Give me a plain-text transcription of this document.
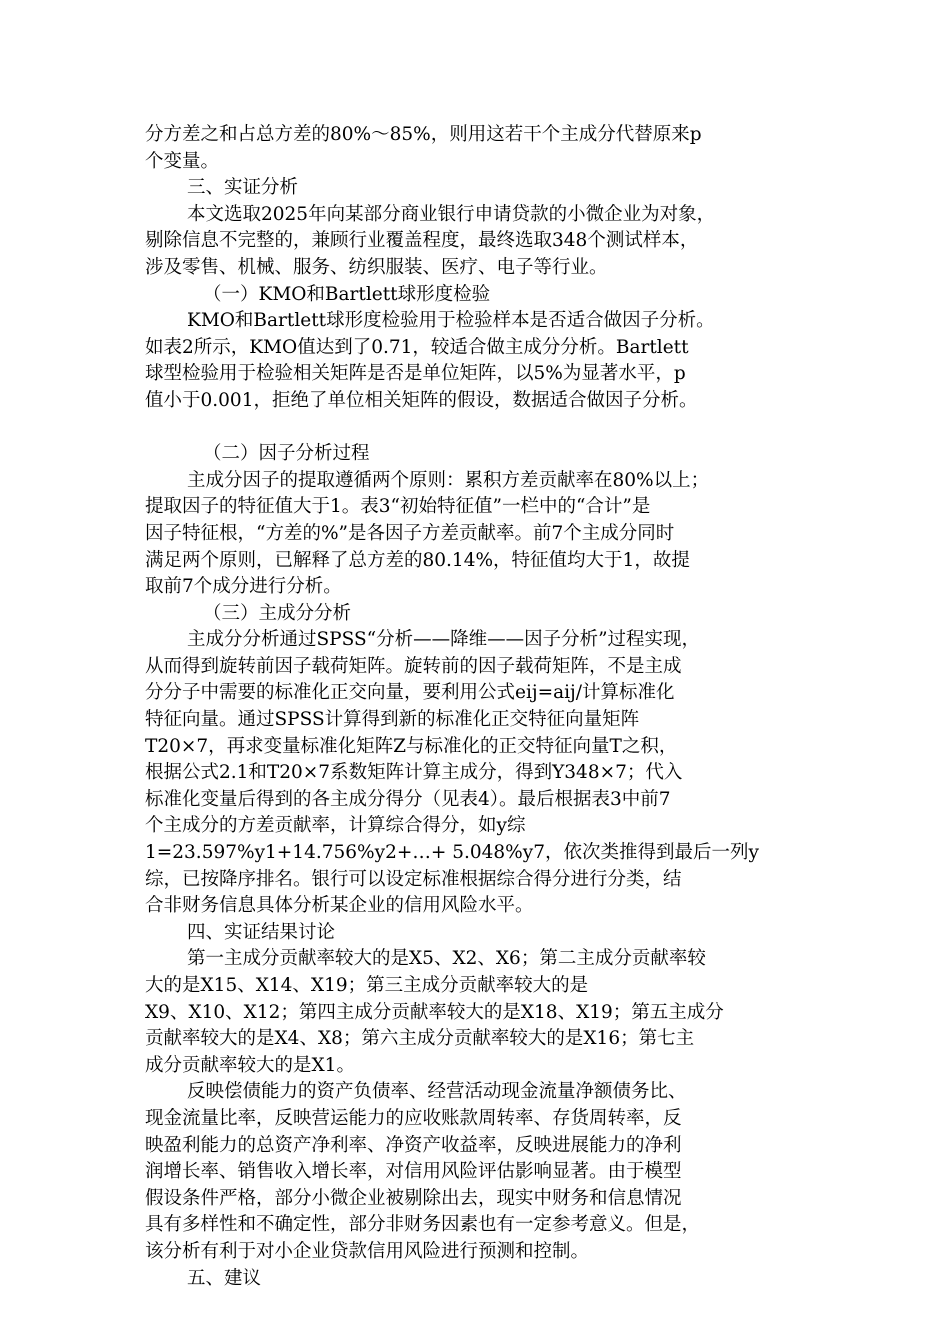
分方差之和占总方差的80%～85%，则用这若干个主成分代替原来p
个变量。
三、实证分析
本文选取2025年向某部分商业银行申请贷款的小微企业为对象，
剔除信息不完整的，兼顾行业覆盖程度，最终选取348个测试样本，
涉及零售、机械、服务、纺织服装、医疗、电子等行业。
（一）KMO和Bartlett球形度检验
KMO和Bartlett球形度检验用于检验样本是否适合做因子分析。
如表2所示，KMO值达到了0.71，较适合做主成分分析。Bartlett
球型检验用于检验相关矩阵是否是单位矩阵，以5%为显著水平，p
值小于0.001，拒绝了单位相关矩阵的假设，数据适合做因子分析。
（二）因子分析过程
主成分因子的提取遵循两个原则：累积方差贡献率在80%以上；
提取因子的特征值大于1。表3“初始特征值”一栏中的“合计”是
因子特征根，“方差的%”是各因子方差贡献率。前7个主成分同时
满足两个原则，已解释了总方差的80.14%，特征值均大于1，故提
取前7个成分进行分析。
（三）主成分分析
主成分分析通过SPSS“分析——降维——因子分析”过程实现，
从而得到旋转前因子载荷矩阵。旋转前的因子载荷矩阵，不是主成
分分子中需要的标准化正交向量，要利用公式eij=aij/计算标准化
特征向量。通过SPSS计算得到新的标准化正交特征向量矩阵
T20×7，再求变量标准化矩阵Z与标准化的正交特征向量T之积，
根据公式2.1和T20×7系数矩阵计算主成分，得到Y348×7；代入
标准化变量后得到的各主成分得分（见表4）。最后根据表3中前7
个主成分的方差贡献率，计算综合得分，如y综
1=23.597%y1+14.756%y2+…+ 5.048%y7，依次类推得到最后一列y
综，已按降序排名。银行可以设定标准根据综合得分进行分类，结
合非财务信息具体分析某企业的信用风险水平。
四、实证结果讨论
第一主成分贡献率较大的是X5、X2、X6；第二主成分贡献率较
大的是X15、X14、X19；第三主成分贡献率较大的是
X9、X10、X12；第四主成分贡献率较大的是X18、X19；第五主成分
贡献率较大的是X4、X8；第六主成分贡献率较大的是X16；第七主
成分贡献率较大的是X1。
反映偿债能力的资产负债率、经营活动现金流量净额债务比、
现金流量比率，反映营运能力的应收账款周转率、存货周转率，反
映盈利能力的总资产净利率、净资产收益率，反映进展能力的净利
润增长率、销售收入增长率，对信用风险评估影响显著。由于模型
假设条件严格，部分小微企业被剔除出去，现实中财务和信息情况
具有多样性和不确定性，部分非财务因素也有一定参考意义。但是，
该分析有利于对小企业贷款信用风险进行预测和控制。
五、建议
